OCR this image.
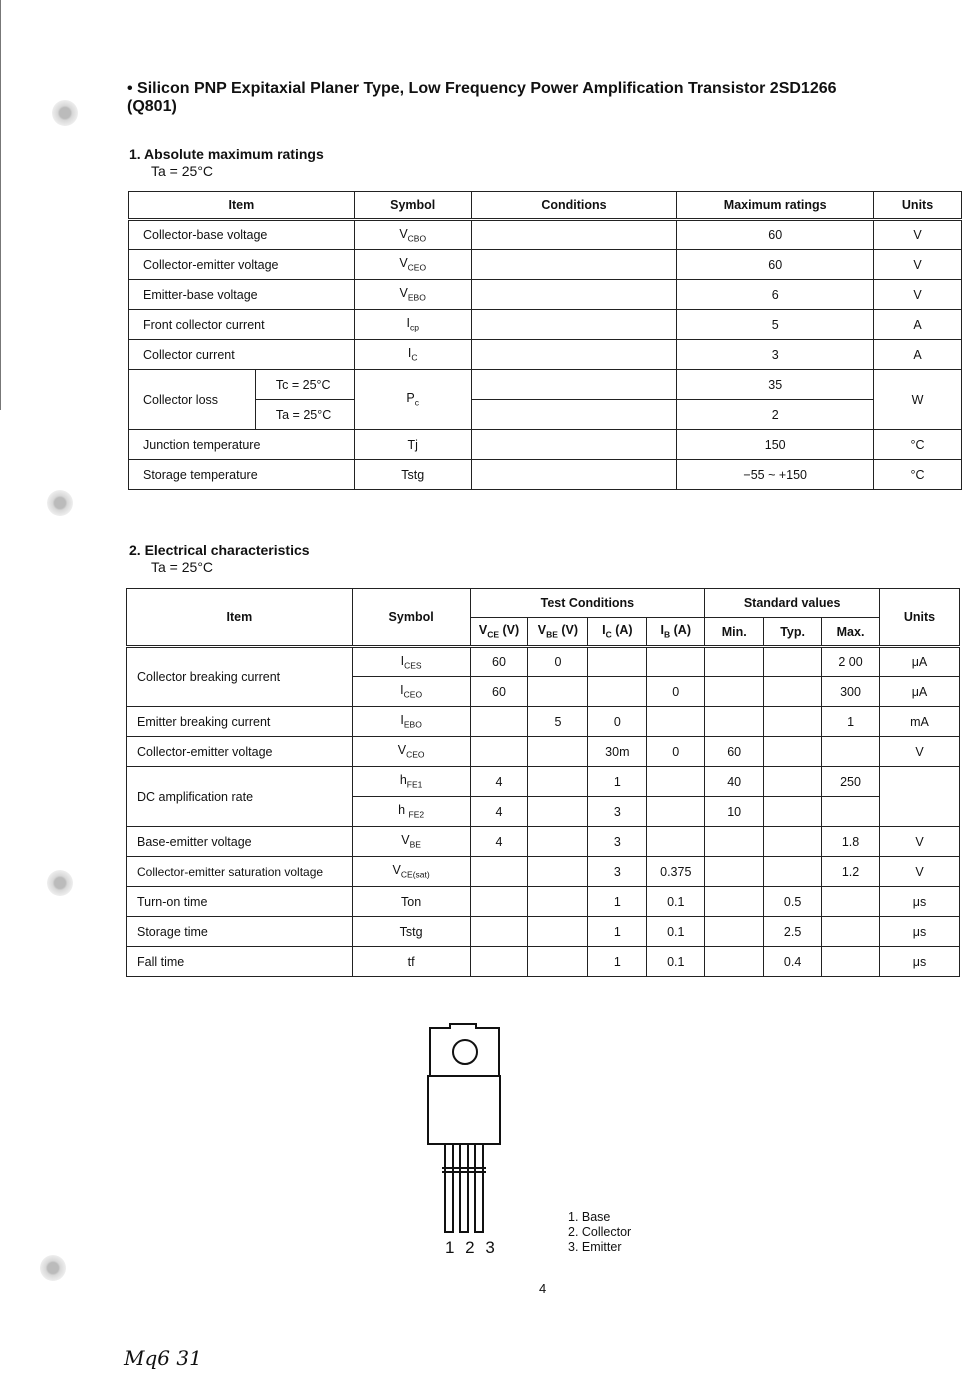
• Silicon PNP Expitaxial Planer Type, Low Frequency Power Amplification Transistor 2SD1266
(Q801)
1. Absolute maximum ratings
Ta = 25°C
Item		Symbol	Conditions	Maximum ratings	Units
Collector-base voltage		$V_{CBO}$		60	V
Collector-emitter voltage		$V_{CEO}$		60	V
Emitter-base voltage		$V_{EBO}$		6	V
Front collector current		$I_{cp}$		5	A
Collector current		$I_C$		3	A
Collector loss	Tc = 25°C	$P_c$		35	W
	Ta = 25°C			2	
Junction temperature		Tj		150	°C
Storage temperature		Tstg		−55 ~ +150	°C
2. Electrical characteristics
Ta = 25°C
Item	Symbol	Test Conditions				Standard values			Units
		$V_{CE}$ (V)	$V_{BE}$ (V)	$I_C$ (A)	$I_B$ (A)	Min.	Typ.	Max.	
Collector breaking current	$I_{CES}$	60	0					2 00	μA
	$I_{CEO}$	60			0			300	μA
Emitter breaking current	$I_{EBO}$		5	0				1	mA
Collector-emitter voltage	$V_{CEO}$			30m	0	60			V
DC amplification rate	$h_{FE1}$	4		1		40		250	
	h $_{FE2}$	4		3		10			
Base-emitter voltage	$V_{BE}$	4		3				1.8	V
Collector-emitter saturation voltage	$V_{CE(sat)}$			3	0.375			1.2	V
Turn-on time	Ton			1	0.1		0.5		μs
Storage time	Tstg			1	0.1		2.5		μs
Fall time	tf			1	0.1		0.4		μs
1 2 3
1. Base
2. Collector
3. Emitter
4
Mq6 31
